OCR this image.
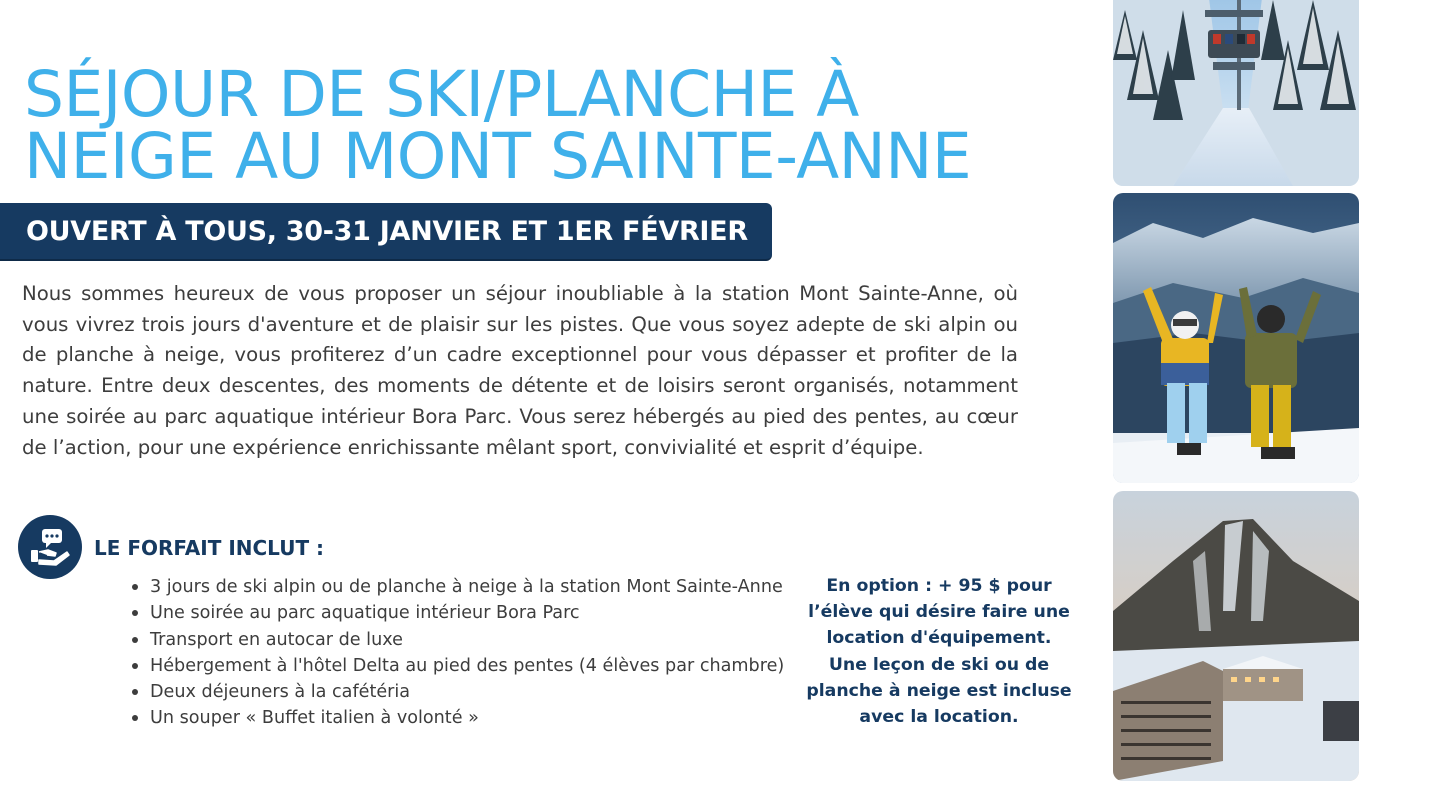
SÉJOUR DE SKI/PLANCHE À
NEIGE AU MONT SAINTE-ANNE
OUVERT À TOUS, 30-31 JANVIER ET 1ER FÉVRIER

Nous sommes heureux de vous proposer un séjour inoubliable à la station Mont Sainte-Anne, où vous vivrez trois jours d'aventure et de plaisir sur les pistes. Que vous soyez adepte de ski alpin ou de planche à neige, vous profiterez d’un cadre exceptionnel pour vous dépasser et profiter de la nature. Entre deux descentes, des moments de détente et de loisirs seront organisés, notamment une soirée au parc aquatique intérieur Bora Parc. Vous serez hébergés au pied des pentes, au cœur de l’action, pour une expérience enrichissante mêlant sport, convivialité et esprit d’équipe.

LE FORFAIT INCLUT :
3 jours de ski alpin ou de planche à neige à la station Mont Sainte-Anne
Une soirée au parc aquatique intérieur Bora Parc
Transport en autocar de luxe
Hébergement à l'hôtel Delta au pied des pentes (4 élèves par chambre)
Deux déjeuners à la cafétéria
Un souper « Buffet italien à volonté »

En option : + 95 $ pour l’élève qui désire faire une location d'équipement. Une leçon de ski ou de planche à neige est incluse avec la location.
